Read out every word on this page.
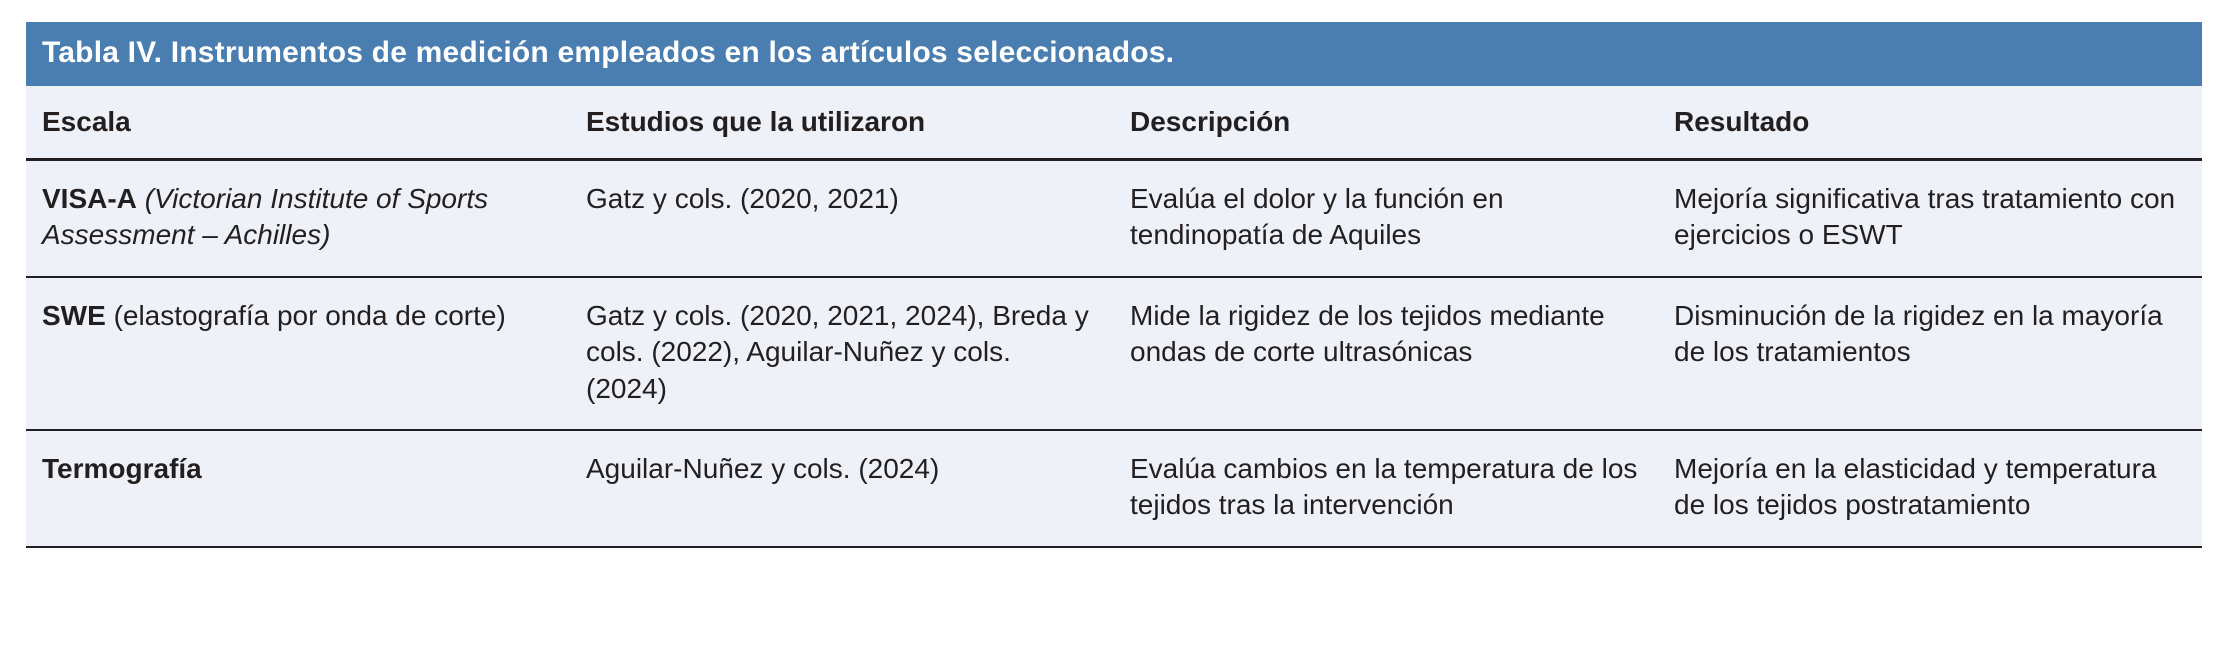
Tabla IV. Instrumentos de medición empleados en los artículos seleccionados.			
Escala	Estudios que la utilizaron	Descripción	Resultado
VISA-A (Victorian Institute of Sports Assessment – Achilles)	Gatz y cols. (2020, 2021)	Evalúa el dolor y la función en tendinopatía de Aquiles	Mejoría significativa tras tratamiento con ejercicios o ESWT
SWE (elastografía por onda de corte)	Gatz y cols. (2020, 2021, 2024), Breda y cols. (2022), Aguilar-Nuñez y cols. (2024)	Mide la rigidez de los tejidos mediante ondas de corte ultrasónicas	Disminución de la rigidez en la mayoría de los tratamientos
Termografía	Aguilar-Nuñez y cols. (2024)	Evalúa cambios en la temperatura de los tejidos tras la intervención	Mejoría en la elasticidad y temperatura de los tejidos postratamiento
